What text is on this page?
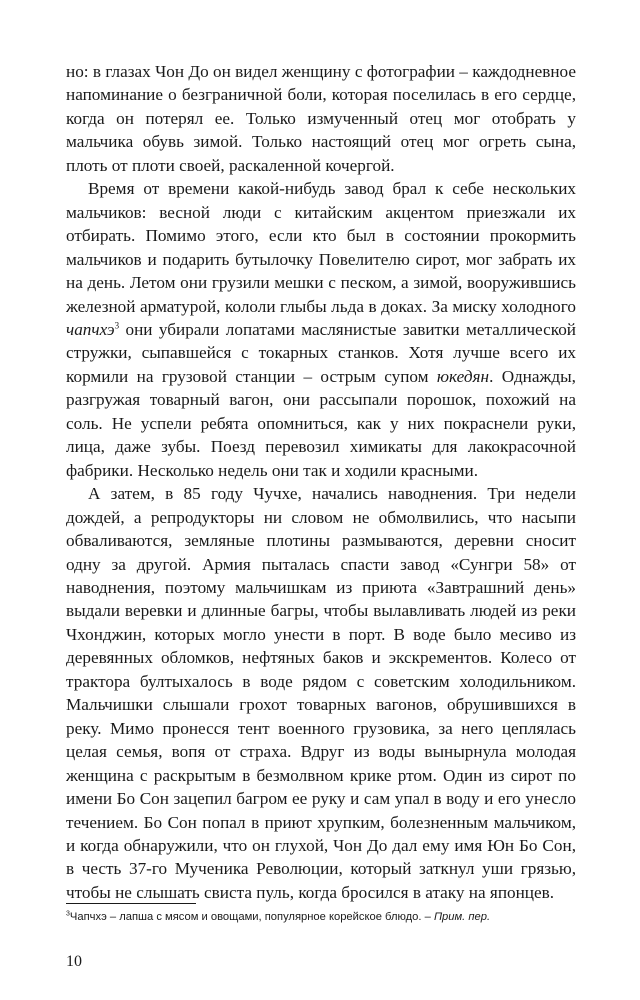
но: в глазах Чон До он видел женщину с фотографии – каждодневное напоминание о безграничной боли, которая поселилась в его сердце, когда он потерял ее. Только измученный отец мог отобрать у мальчика обувь зимой. Только настоящий отец мог огреть сына, плоть от плоти своей, раскаленной кочергой.

Время от времени какой-нибудь завод брал к себе нескольких мальчиков: весной люди с китайским акцентом приезжали их отбирать. Помимо этого, если кто был в состоянии прокормить мальчиков и подарить бутылочку Повелителю сирот, мог забрать их на день. Летом они грузили мешки с песком, а зимой, вооружившись железной арматурой, кололи глыбы льда в доках. За миску холодного чапчхэ$^3$ они убирали лопатами маслянистые завитки металлической стружки, сыпавшейся с токарных станков. Хотя лучше всего их кормили на грузовой станции – острым супом юкедян. Однажды, разгружая товарный вагон, они рассыпали порошок, похожий на соль. Не успели ребята опомниться, как у них покраснели руки, лица, даже зубы. Поезд перевозил химикаты для лакокрасочной фабрики. Несколько недель они так и ходили красными.

А затем, в 85 году Чучхе, начались наводнения. Три недели дождей, а репродукторы ни словом не обмолвились, что насыпи обваливаются, земляные плотины размываются, деревни сносит одну за другой. Армия пыталась спасти завод «Сунгри 58» от наводнения, поэтому мальчишкам из приюта «Завтрашний день» выдали веревки и длинные багры, чтобы вылавливать людей из реки Чхонджин, которых могло унести в порт. В воде было месиво из деревянных обломков, нефтяных баков и экскрементов. Колесо от трактора бултыхалось в воде рядом с советским холодильником. Мальчишки слышали грохот товарных вагонов, обрушившихся в реку. Мимо пронесся тент военного грузовика, за него цеплялась целая семья, вопя от страха. Вдруг из воды вынырнула молодая женщина с раскрытым в безмолвном крике ртом. Один из сирот по имени Бо Сон зацепил багром ее руку и сам упал в воду и его унесло течением. Бо Сон попал в приют хрупким, болезненным мальчиком, и когда обнаружили, что он глухой, Чон До дал ему имя Юн Бо Сон, в честь 37-го Мученика Революции, который заткнул уши грязью, чтобы не слышать свиста пуль, когда бросился в атаку на японцев.

$^3$Чапчхэ – лапша с мясом и овощами, популярное корейское блюдо. – Прим. пер.
10
